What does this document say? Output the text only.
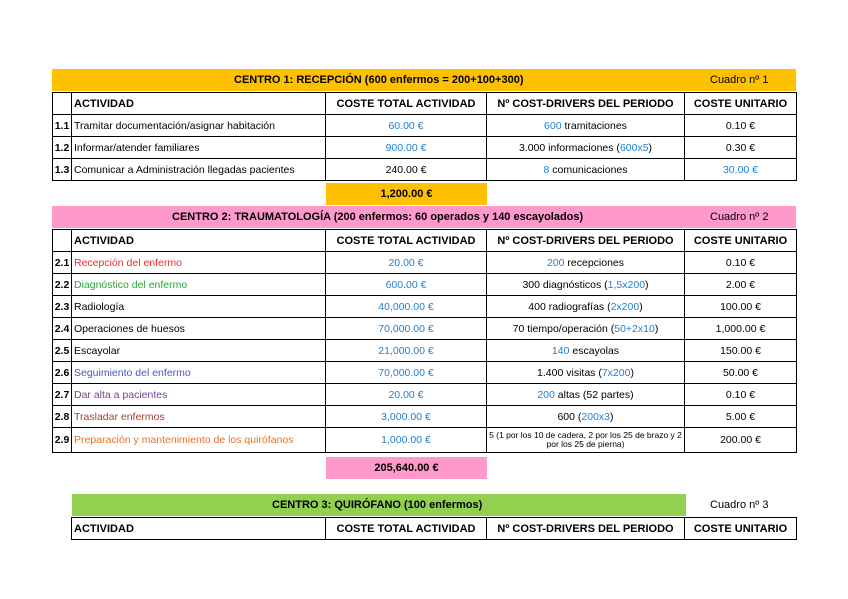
CENTRO 1: RECEPCIÓN (600 enfermos = 200+100+300)	Cuadro nº 1
	ACTIVIDAD	COSTE TOTAL ACTIVIDAD	Nº COST-DRIVERS DEL PERIODO	COSTE UNITARIO
1.1	Tramitar documentación/asignar habitación	60.00 €	600 tramitaciones	0.10 €
1.2	Informar/atender familiares	900.00 €	3.000 informaciones (600x5)	0.30 €
1.3	Comunicar a Administración llegadas pacientes	240.00 €	8 comunicaciones	30.00 €
1,200.00 €
CENTRO 2: TRAUMATOLOGÍA (200 enfermos: 60 operados y 140 escayolados)	Cuadro nº 2
	ACTIVIDAD	COSTE TOTAL ACTIVIDAD	Nº COST-DRIVERS DEL PERIODO	COSTE UNITARIO
2.1	Recepción del enfermo	20.00 €	200 recepciones	0.10 €
2.2	Diagnóstico del enfermo	600.00 €	300 diagnósticos (1,5x200)	2.00 €
2.3	Radiología	40,000.00 €	400 radiografías (2x200)	100.00 €
2.4	Operaciones de huesos	70,000.00 €	70 tiempo/operación (50+2x10)	1,000.00 €
2.5	Escayolar	21,000.00 €	140 escayolas	150.00 €
2.6	Seguimiento del enfermo	70,000.00 €	1.400 visitas (7x200)	50.00 €
2.7	Dar alta a pacientes	20.00 €	200 altas (52 partes)	0.10 €
2.8	Trasladar enfermos	3,000.00 €	600 (200x3)	5.00 €
2.9	Preparación y mantenimiento de los quirófanos	1,000.00 €	5 (1 por los 10 de cadera, 2 por los 25 de brazo y 2 por los 25 de pierna)	200.00 €
205,640.00 €
CENTRO 3: QUIRÓFANO (100 enfermos)	Cuadro nº 3
ACTIVIDAD	COSTE TOTAL ACTIVIDAD	Nº COST-DRIVERS DEL PERIODO	COSTE UNITARIO
